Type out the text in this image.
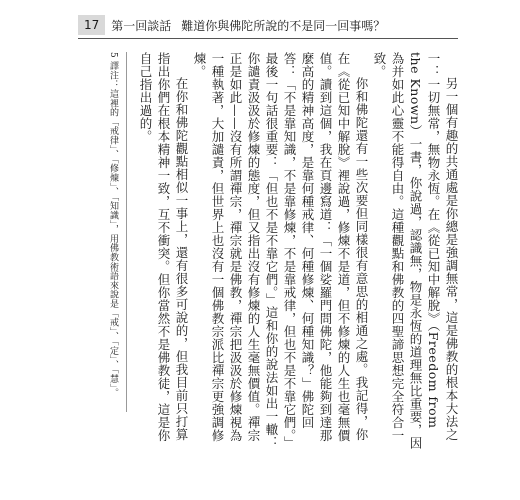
17	第一回談話 難道你與佛陀所說的不是同一回事嗎？

另一個有趣的共通處是你總是強調無常，這是佛教的根本大法之一：一切無常，無物永恆。在《從已知中解脫》（Freedom from the Known）一書，你說過，認識無，物是永恆的道理無比重要，因為并如此心靈不能得自由。這種觀點和佛教的四聖諦思想完全符合一致。

你和佛陀還有一些次要但同樣很有意思的相通之處。我記得，你在《從已知中解脫》裡說過，修煉不是道，但不修煉的人生也毫無價值。讀到這個，我在頁邊寫道：「一個娑羅門問佛陀，他能夠到達那麼高的精神高度，是靠何種戒律、何種修煉、何種知識？」佛陀回答：「不是靠知識，不是靠修煉，不是靠戒律，但也不是不靠它們。」最後一句話很重要：「但也不是不靠它們。」這和你的說法如出一轍：你譴責汲汲於修煉的態度，但又指出沒有修煉的人生毫無價值。禪宗正是如此——沒有所謂禪宗，禪宗就是佛教，禪宗把汲汲於修煉視為一種執著，大加譴責，但世界上也沒有一個佛教宗派比禪宗更強調修煉。

在你和佛陀觀點相似一事上，還有很多可說的，但我目前只打算指出你們在根本精神一致，互不衝突。但你當然不是佛教徒，這是你自己指出過的。

5 譯注：這裡的「戒律」、「修煉」、「知識」，用佛教術語來說是「戒」、「定」、「慧」。
